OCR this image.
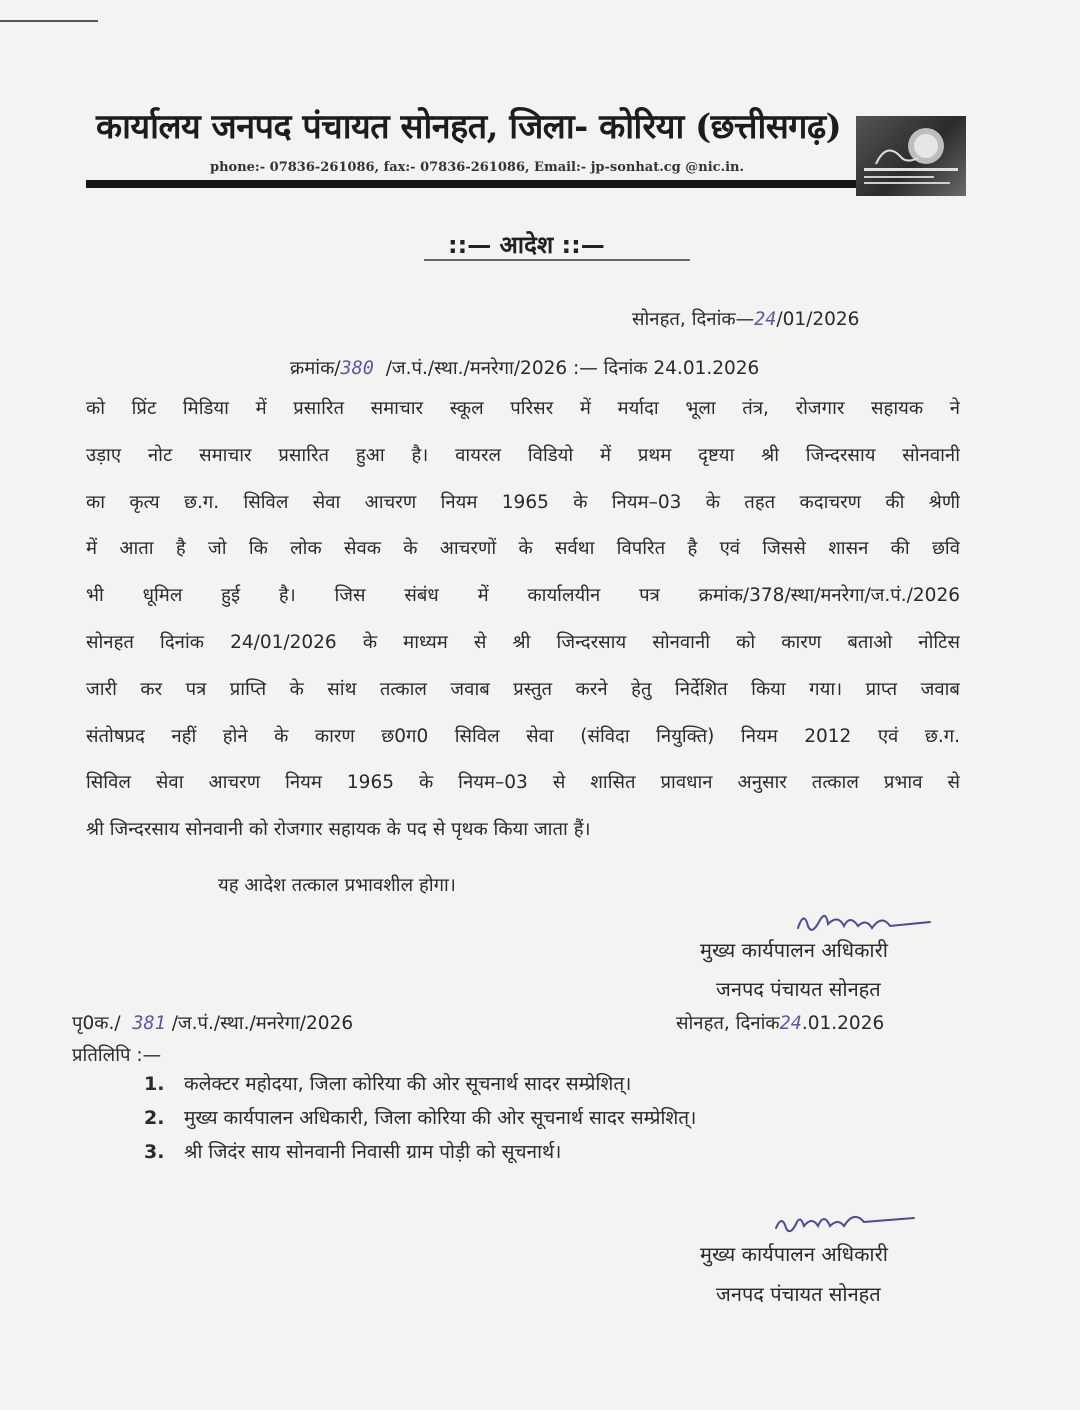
कार्यालय जनपद पंचायत सोनहत, जिला- कोरिया (छत्तीसगढ़)
phone:- 07836-261086, fax:- 07836-261086, Email:- jp-sonhat.cg @nic.in.
::— आदेश ::—
सोनहत, दिनांक—24/01/2026
क्रमांक/380 /ज.पं./स्था./मनरेगा/2026 :— दिनांक 24.01.2026
को प्रिंट मिडिया में प्रसारित समाचार स्कूल परिसर में मर्यादा भूला तंत्र, रोजगार सहायक ने
उड़ाए नोट समाचार प्रसारित हुआ है। वायरल विडियो में प्रथम दृष्टया श्री जिन्दरसाय सोनवानी
का कृत्य छ.ग. सिविल सेवा आचरण नियम 1965 के नियम–03 के तहत कदाचरण की श्रेणी
में आता है जो कि लोक सेवक के आचरणों के सर्वथा विपरित है एवं जिससे शासन की छवि
भी धूमिल हुई है। जिस संबंध में कार्यालयीन पत्र क्रमांक/378/स्था/मनरेगा/ज.पं./2026
सोनहत दिनांक 24/01/2026 के माध्यम से श्री जिन्दरसाय सोनवानी को कारण बताओ नोटिस
जारी कर पत्र प्राप्ति के सांथ तत्काल जवाब प्रस्तुत करने हेतु निर्देशित किया गया। प्राप्त जवाब
संतोषप्रद नहीं होने के कारण छ0ग0 सिविल सेवा (संविदा नियुक्ति) नियम 2012 एवं छ.ग.
सिविल सेवा आचरण नियम 1965 के नियम–03 से शासित प्रावधान अनुसार तत्काल प्रभाव से
श्री जिन्दरसाय सोनवानी को रोजगार सहायक के पद से पृथक किया जाता हैं।
यह आदेश तत्काल प्रभावशील होगा।
मुख्य कार्यपालन अधिकारी
जनपद पंचायत सोनहत
पृ0क./ 381 /ज.पं./स्था./मनरेगा/2026	सोनहत, दिनांक24.01.2026
प्रतिलिपि :—
1. कलेक्टर महोदया, जिला कोरिया की ओर सूचनार्थ सादर सम्प्रेशित्।
2. मुख्य कार्यपालन अधिकारी, जिला कोरिया की ओर सूचनार्थ सादर सम्प्रेशित्।
3. श्री जिदंर साय सोनवानी निवासी ग्राम पोड़ी को सूचनार्थ।
मुख्य कार्यपालन अधिकारी
जनपद पंचायत सोनहत
